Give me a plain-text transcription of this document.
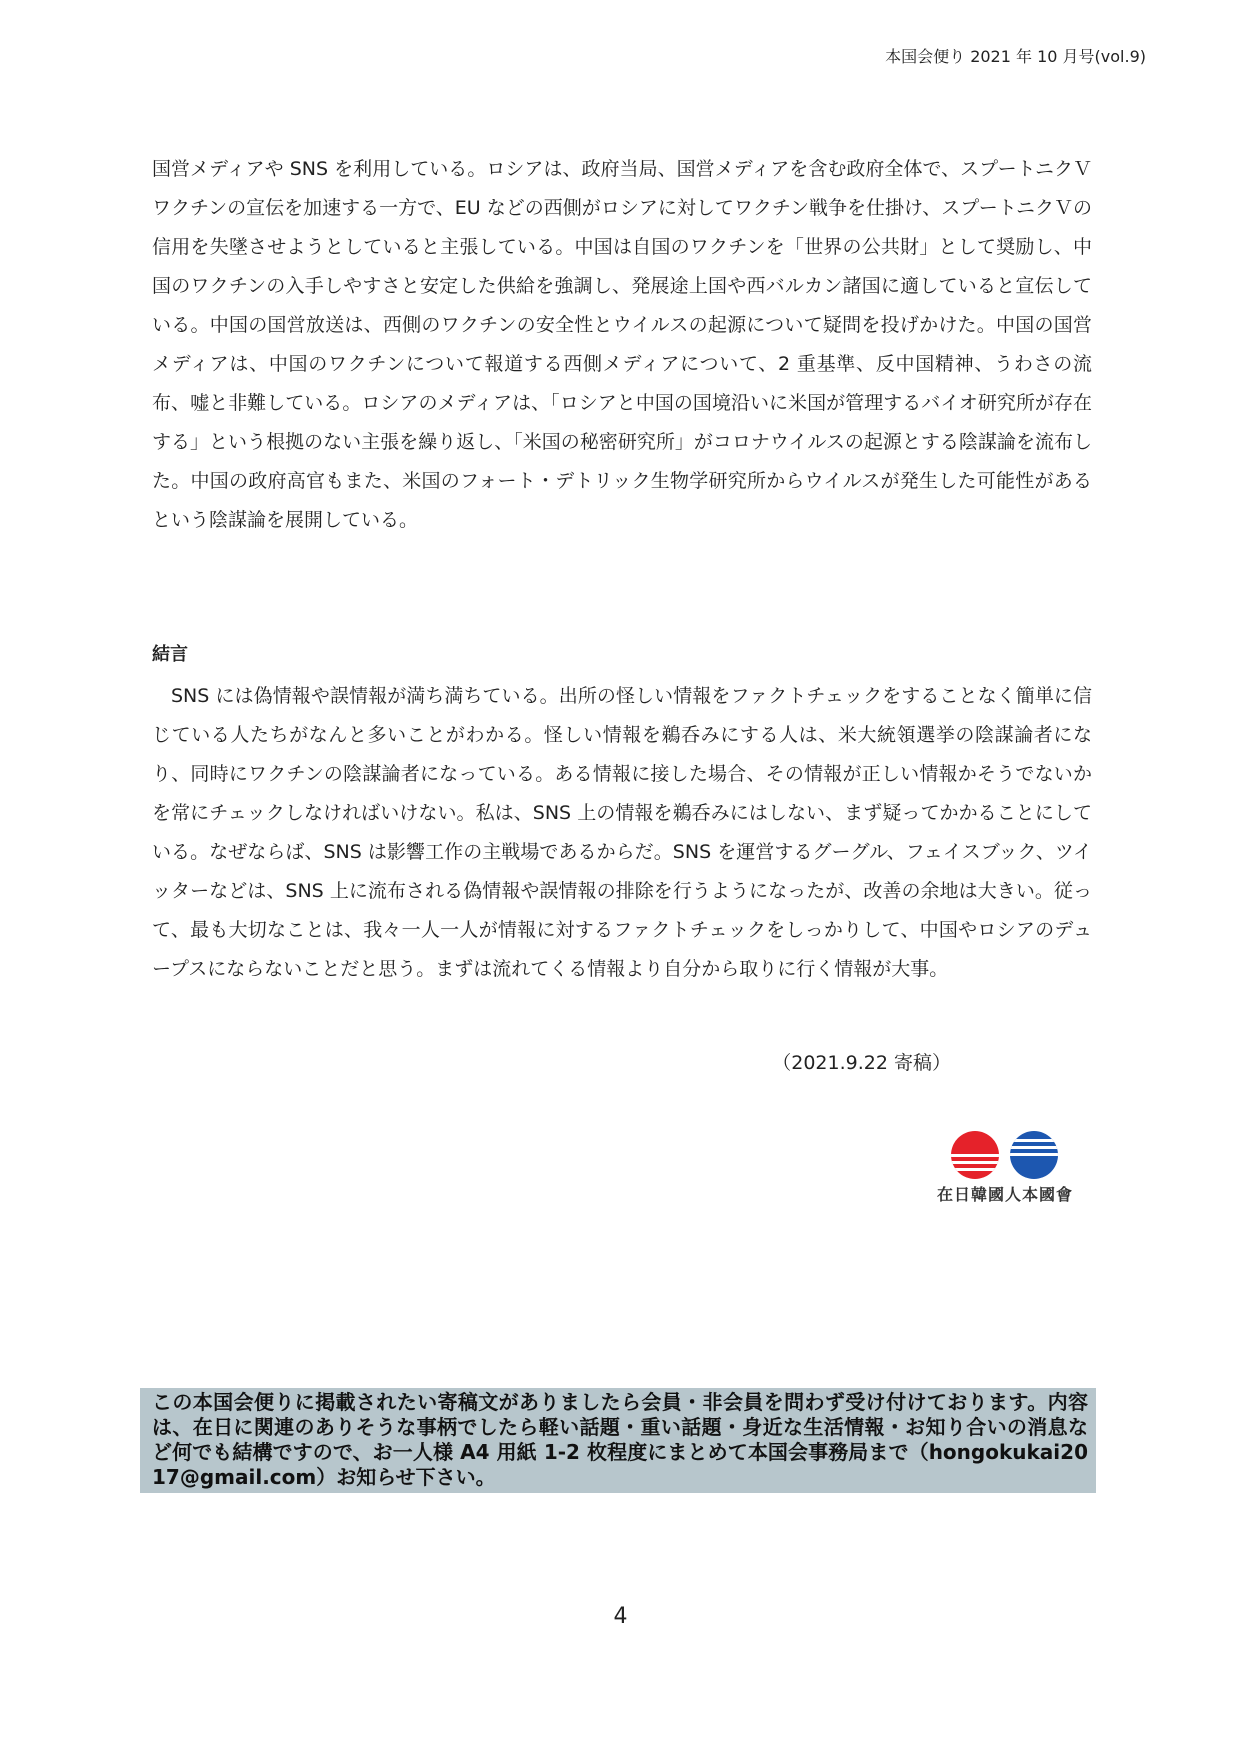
本国会便り 2021 年 10 月号(vol.9)

国営メディアや SNS を利用している。ロシアは、政府当局、国営メディアを含む政府全体で、スプートニクＶワクチンの宣伝を加速する一方で、EU などの西側がロシアに対してワクチン戦争を仕掛け、スプートニクＶの信用を失墜させようとしていると主張している。中国は自国のワクチンを「世界の公共財」として奨励し、中国のワクチンの入手しやすさと安定した供給を強調し、発展途上国や西バルカン諸国に適していると宣伝している。中国の国営放送は、西側のワクチンの安全性とウイルスの起源について疑問を投げかけた。中国の国営メディアは、中国のワクチンについて報道する西側メディアについて、2 重基準、反中国精神、うわさの流布、嘘と非難している。ロシアのメディアは、「ロシアと中国の国境沿いに米国が管理するバイオ研究所が存在する」という根拠のない主張を繰り返し、「米国の秘密研究所」がコロナウイルスの起源とする陰謀論を流布した。中国の政府高官もまた、米国のフォート・デトリック生物学研究所からウイルスが発生した可能性があるという陰謀論を展開している。

結言

SNS には偽情報や誤情報が満ち満ちている。出所の怪しい情報をファクトチェックをすることなく簡単に信じている人たちがなんと多いことがわかる。怪しい情報を鵜呑みにする人は、米大統領選挙の陰謀論者になり、同時にワクチンの陰謀論者になっている。ある情報に接した場合、その情報が正しい情報かそうでないかを常にチェックしなければいけない。私は、SNS 上の情報を鵜呑みにはしない、まず疑ってかかることにしている。なぜならば、SNS は影響工作の主戦場であるからだ。SNS を運営するグーグル、フェイスブック、ツイッターなどは、SNS 上に流布される偽情報や誤情報の排除を行うようになったが、改善の余地は大きい。従って、最も大切なことは、我々一人一人が情報に対するファクトチェックをしっかりして、中国やロシアのデュープスにならないことだと思う。まずは流れてくる情報より自分から取りに行く情報が大事。

（2021.9.22 寄稿）
在日韓國人本國會
この本国会便りに掲載されたい寄稿文がありましたら会員・非会員を問わず受け付けております。内容は、在日に関連のありそうな事柄でしたら軽い話題・重い話題・身近な生活情報・お知り合いの消息など何でも結構ですので、お一人様 A4 用紙 1-2 枚程度にまとめて本国会事務局まで（hongokukai2017@gmail.com）お知らせ下さい。
4
